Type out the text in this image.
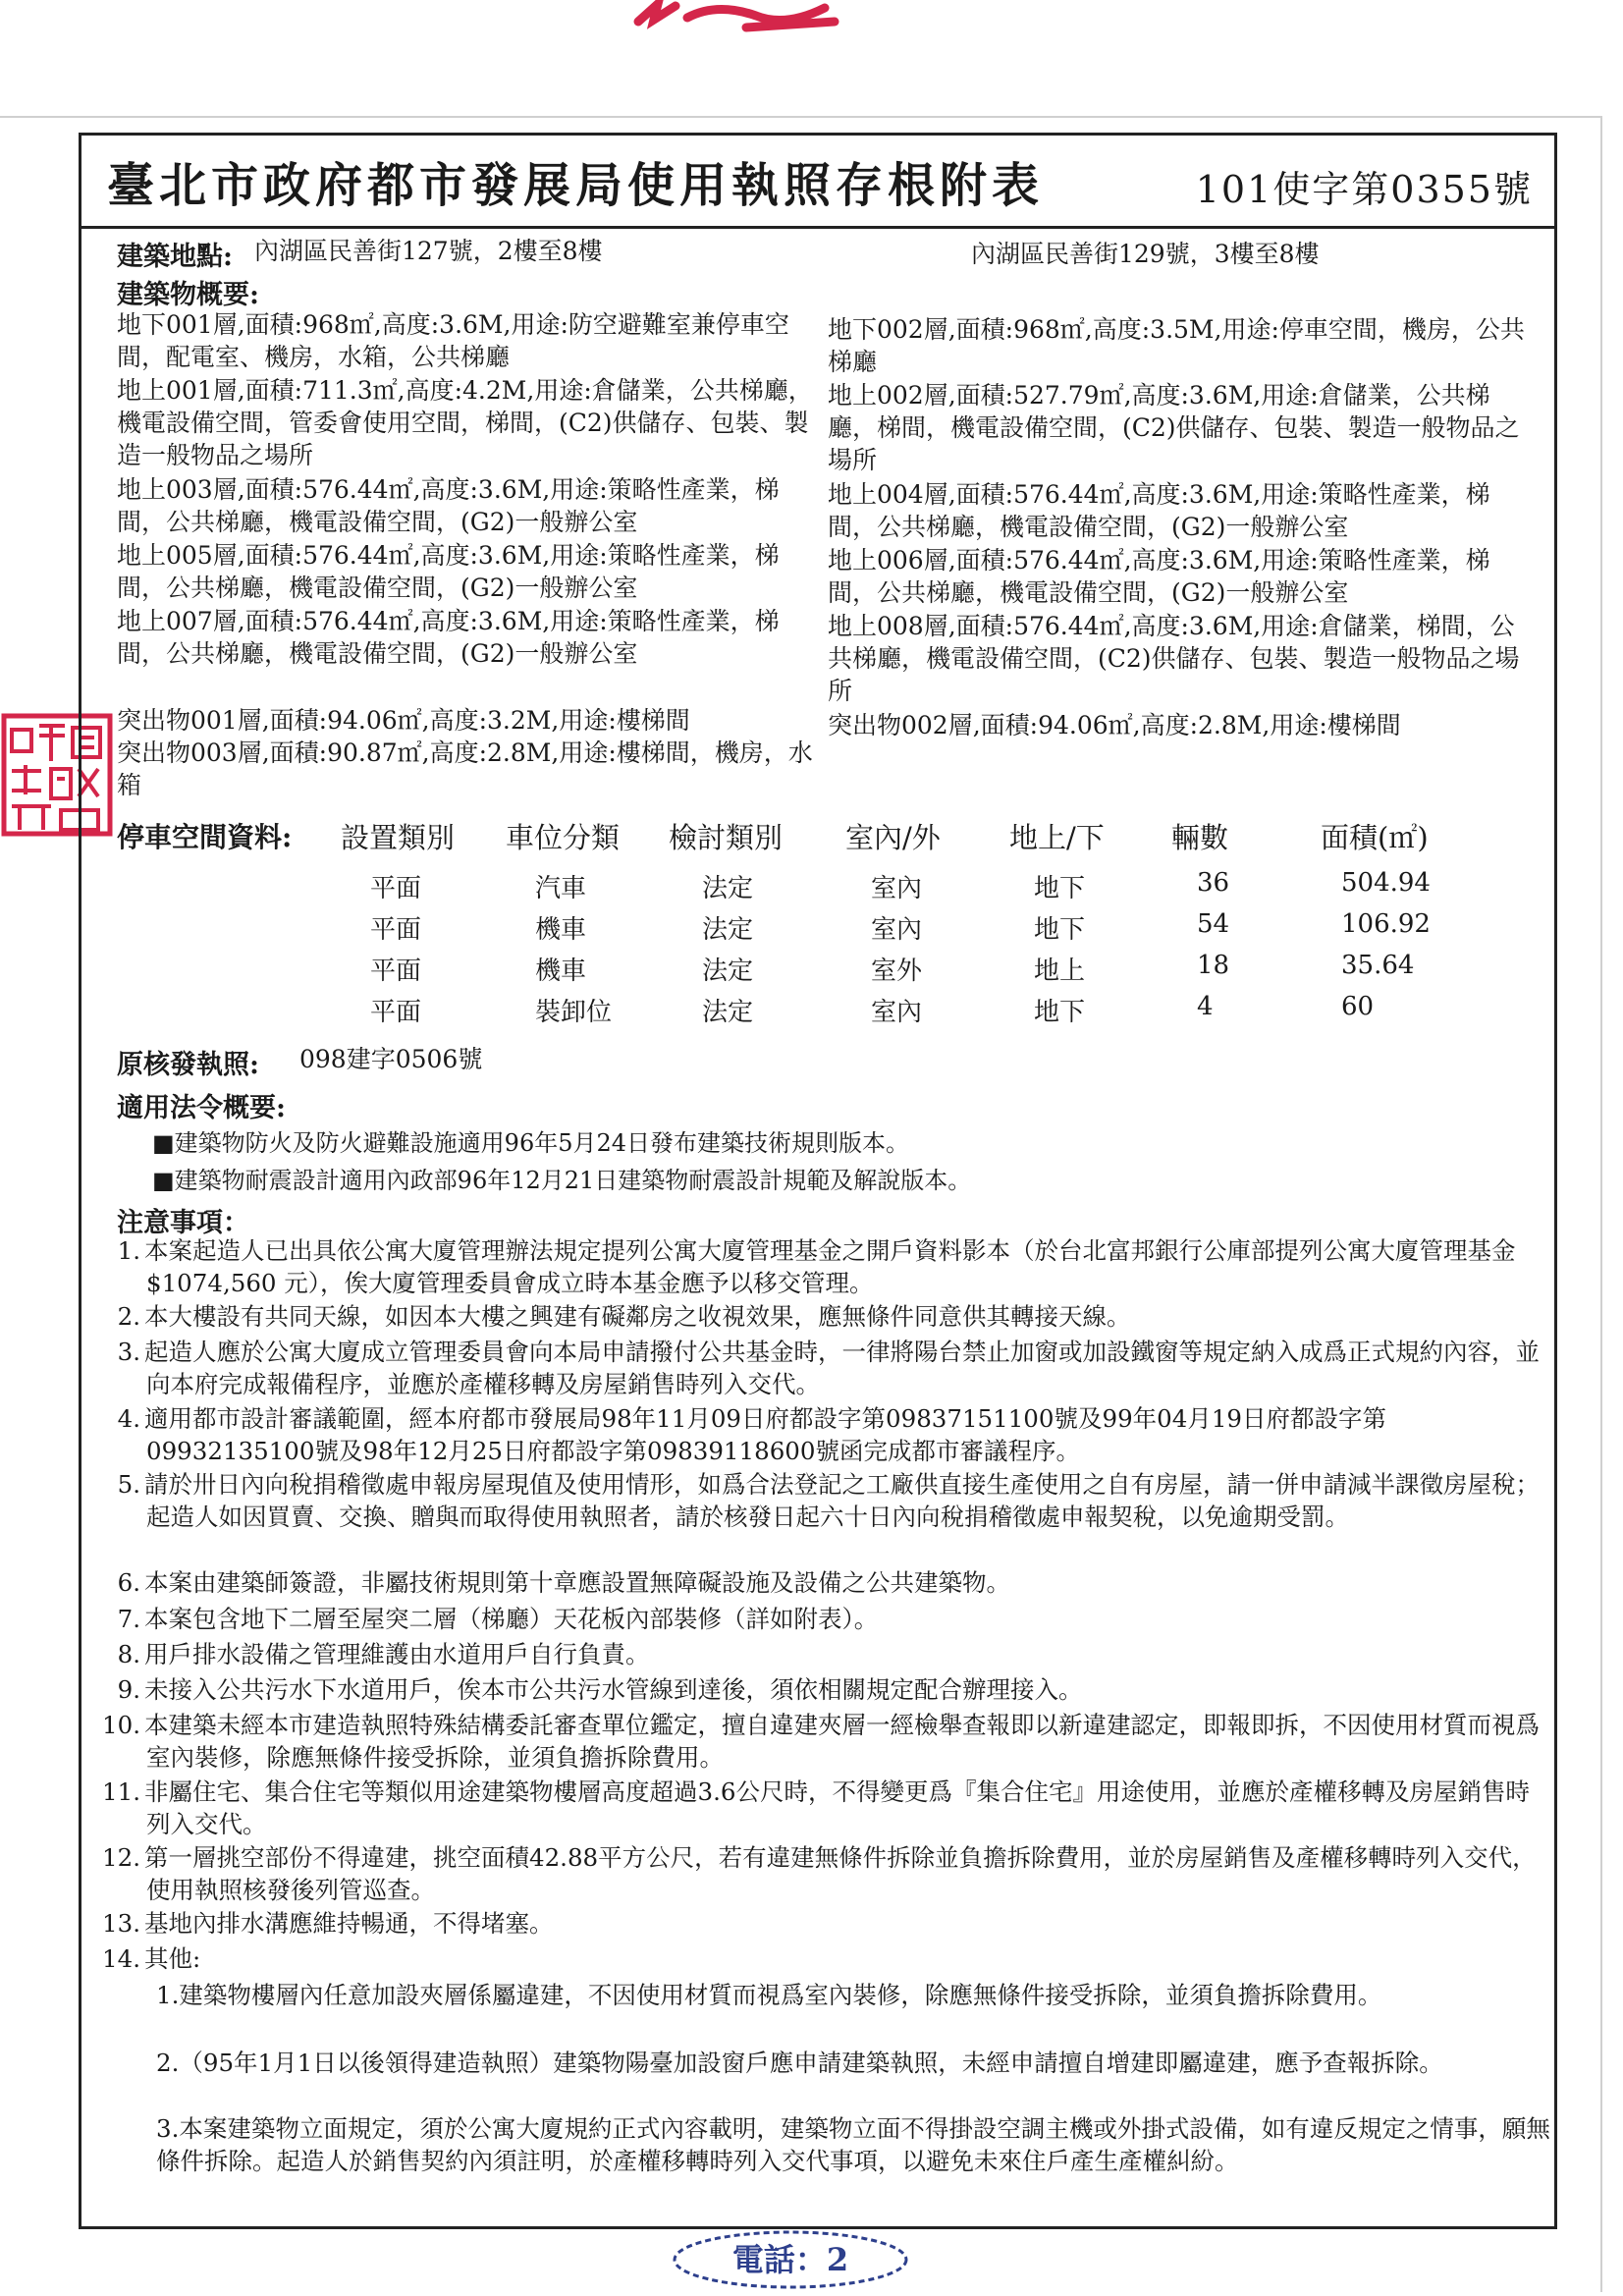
電話：2
臺北市政府都市發展局使用執照存根附表	101使字第0355號
建築地點: 內湖區民善街127號，2樓至8樓	內湖區民善街129號，3樓至8樓
建築物概要:
地下001層,面積:968㎡,高度:3.6M,用途:防空避難室兼停車空間，配電室、機房，水箱，公共梯廳
地上001層,面積:711.3㎡,高度:4.2M,用途:倉儲業，公共梯廳，機電設備空間，管委會使用空間，梯間，(C2)供儲存、包裝、製造一般物品之場所
地上003層,面積:576.44㎡,高度:3.6M,用途:策略性產業，梯間，公共梯廳，機電設備空間，(G2)一般辦公室
地上005層,面積:576.44㎡,高度:3.6M,用途:策略性產業，梯間，公共梯廳，機電設備空間，(G2)一般辦公室
地上007層,面積:576.44㎡,高度:3.6M,用途:策略性產業，梯間，公共梯廳，機電設備空間，(G2)一般辦公室
突出物001層,面積:94.06㎡,高度:3.2M,用途:樓梯間
突出物003層,面積:90.87㎡,高度:2.8M,用途:樓梯間，機房，水箱
地下002層,面積:968㎡,高度:3.5M,用途:停車空間，機房，公共梯廳
地上002層,面積:527.79㎡,高度:3.6M,用途:倉儲業，公共梯廳，梯間，機電設備空間，(C2)供儲存、包裝、製造一般物品之場所
地上004層,面積:576.44㎡,高度:3.6M,用途:策略性產業，梯間，公共梯廳，機電設備空間，(G2)一般辦公室
地上006層,面積:576.44㎡,高度:3.6M,用途:策略性產業，梯間，公共梯廳，機電設備空間，(G2)一般辦公室
地上008層,面積:576.44㎡,高度:3.6M,用途:倉儲業，梯間，公共梯廳，機電設備空間，(C2)供儲存、包裝、製造一般物品之場所
突出物002層,面積:94.06㎡,高度:2.8M,用途:樓梯間
停車空間資料: 設置類別 車位分類 檢討類別 室內/外 地上/下 輛數	面積(㎡)
平面	汽車	法定	室內	地下	36	504.94
平面	機車	法定	室內	地下	54	106.92
平面	機車	法定	室外	地上	18	35.64
平面	裝卸位	法定	室內	地下	4	60
原核發執照: 098建字0506號
適用法令概要:
■建築物防火及防火避難設施適用96年5月24日發布建築技術規則版本。
■建築物耐震設計適用內政部96年12月21日建築物耐震設計規範及解說版本。
注意事項：
1. 本案起造人已出具依公寓大廈管理辦法規定提列公寓大廈管理基金之開戶資料影本（於台北富邦銀行公庫部提列公寓大廈管理基金$1074,560 元），俟大廈管理委員會成立時本基金應予以移交管理。
2. 本大樓設有共同天線，如因本大樓之興建有礙鄰房之收視效果，應無條件同意供其轉接天線。
3. 起造人應於公寓大廈成立管理委員會向本局申請撥付公共基金時，一律將陽台禁止加窗或加設鐵窗等規定納入成爲正式規約內容，並向本府完成報備程序，並應於產權移轉及房屋銷售時列入交代。
4. 適用都市設計審議範圍，經本府都市發展局98年11月09日府都設字第09837151100號及99年04月19日府都設字第09932135100號及98年12月25日府都設字第09839118600號函完成都市審議程序。
5. 請於卅日內向稅捐稽徵處申報房屋現值及使用情形，如爲合法登記之工廠供直接生產使用之自有房屋，請一併申請減半課徵房屋稅；起造人如因買賣、交換、贈與而取得使用執照者，請於核發日起六十日內向稅捐稽徵處申報契稅，以免逾期受罰。
6. 本案由建築師簽證，非屬技術規則第十章應設置無障礙設施及設備之公共建築物。
7. 本案包含地下二層至屋突二層（梯廳）天花板內部裝修（詳如附表）。
8. 用戶排水設備之管理維護由水道用戶自行負責。
9. 未接入公共污水下水道用戶，俟本市公共污水管線到達後，須依相關規定配合辦理接入。
10. 本建築未經本市建造執照特殊結構委託審查單位鑑定，擅自違建夾層一經檢舉查報即以新違建認定，即報即拆，不因使用材質而視爲室內裝修，除應無條件接受拆除，並須負擔拆除費用。
11. 非屬住宅、集合住宅等類似用途建築物樓層高度超過3.6公尺時，不得變更爲『集合住宅』用途使用，並應於產權移轉及房屋銷售時列入交代。
12. 第一層挑空部份不得違建，挑空面積42.88平方公尺，若有違建無條件拆除並負擔拆除費用，並於房屋銷售及產權移轉時列入交代，使用執照核發後列管巡查。
13. 基地內排水溝應維持暢通，不得堵塞。
14. 其他:
1.建築物樓層內任意加設夾層係屬違建，不因使用材質而視爲室內裝修，除應無條件接受拆除，並須負擔拆除費用。
2.（95年1月1日以後領得建造執照）建築物陽臺加設窗戶應申請建築執照，未經申請擅自增建即屬違建，應予查報拆除。
3.本案建築物立面規定，須於公寓大廈規約正式內容載明，建築物立面不得掛設空調主機或外掛式設備，如有違反規定之情事，願無條件拆除。起造人於銷售契約內須註明，於產權移轉時列入交代事項，以避免未來住戶產生產權糾紛。
